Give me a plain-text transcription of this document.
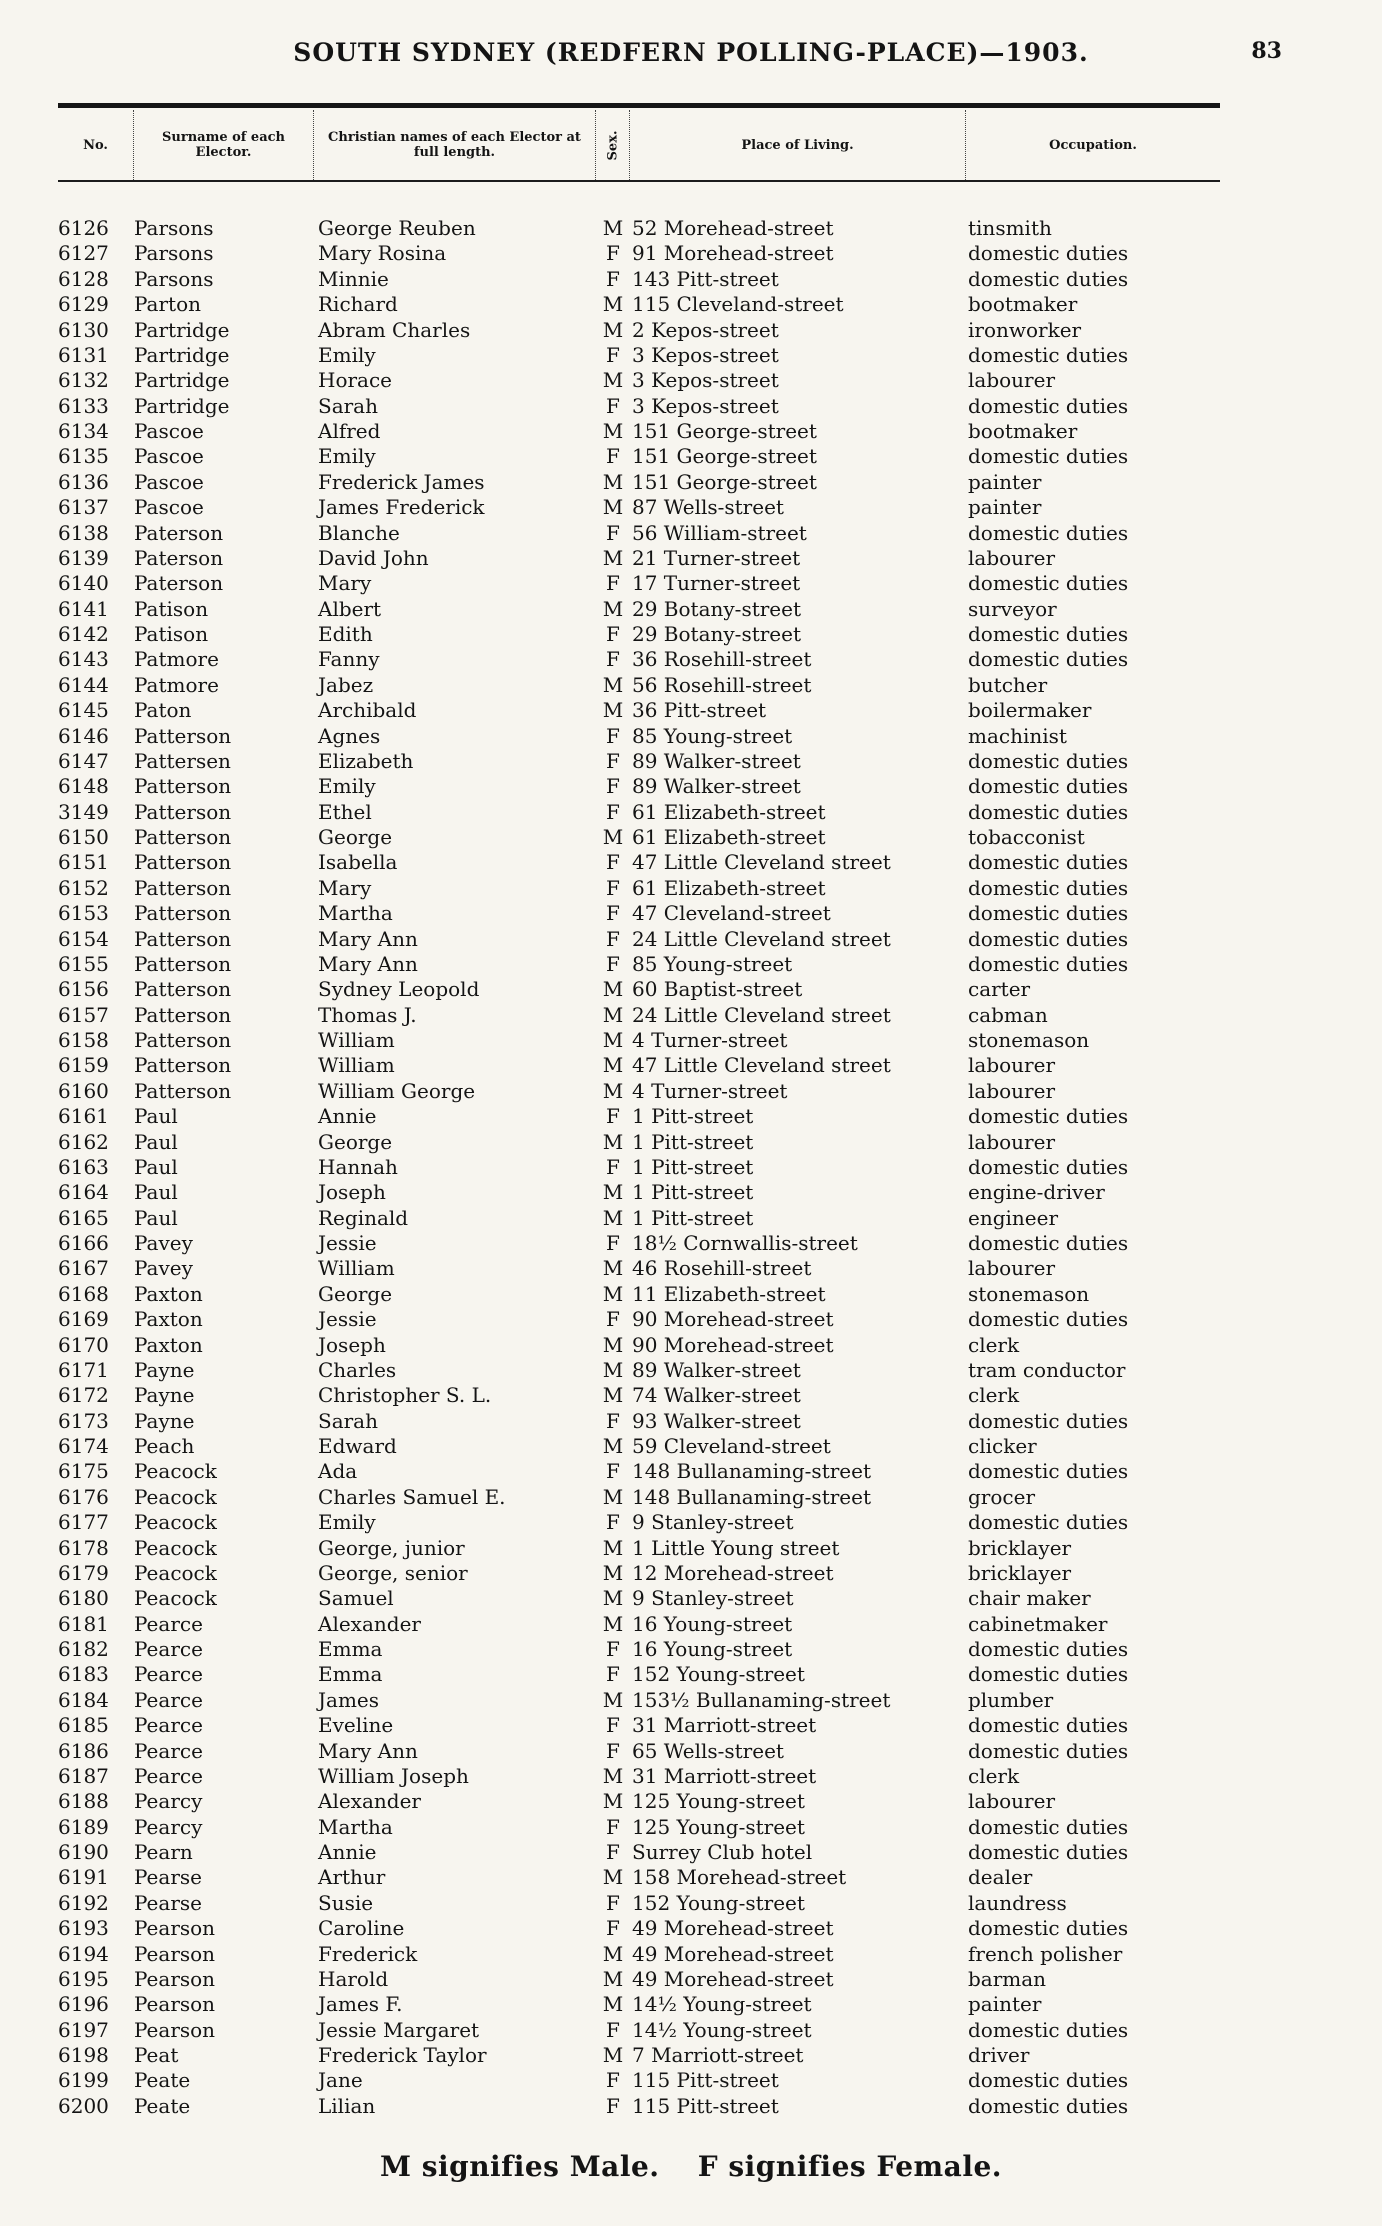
SOUTH SYDNEY (REDFERN POLLING-PLACE)—1903.	83
No.	Surname of each Elector.
Christian names of each Elector at full length.	Sex.	Place of Living.	Occupation.
6126	Parsons	George Reuben	M 52 Morehead-street	tinsmith
6127	Parsons	Mary Rosina	F 91 Morehead-street	domestic duties
6128	Parsons	Minnie	F 143 Pitt-street	domestic duties
6129	Parton	Richard	M 115 Cleveland-street	bootmaker
6130	Partridge	Abram Charles	M 2 Kepos-street	ironworker
6131	Partridge	Emily	F 3 Kepos-street	domestic duties
6132	Partridge	Horace	M 3 Kepos-street	labourer
6133	Partridge	Sarah	F 3 Kepos-street	domestic duties
6134	Pascoe	Alfred	M 151 George-street	bootmaker
6135	Pascoe	Emily	F 151 George-street	domestic duties
6136	Pascoe	Frederick James	M 151 George-street	painter
6137	Pascoe	James Frederick	M 87 Wells-street	painter
6138	Paterson	Blanche	F 56 William-street	domestic duties
6139	Paterson	David John	M 21 Turner-street	labourer
6140	Paterson	Mary	F 17 Turner-street	domestic duties
6141	Patison	Albert	M 29 Botany-street	surveyor
6142	Patison	Edith	F 29 Botany-street	domestic duties
6143	Patmore	Fanny	F 36 Rosehill-street	domestic duties
6144	Patmore	Jabez	M 56 Rosehill-street	butcher
6145	Paton	Archibald	M 36 Pitt-street	boilermaker
6146	Patterson	Agnes	F 85 Young-street	machinist
6147	Pattersen	Elizabeth	F 89 Walker-street	domestic duties
6148	Patterson	Emily	F 89 Walker-street	domestic duties
3149	Patterson	Ethel	F 61 Elizabeth-street	domestic duties
6150	Patterson	George	M 61 Elizabeth-street	tobacconist
6151	Patterson	Isabella	F 47 Little Cleveland street	domestic duties
6152	Patterson	Mary	F 61 Elizabeth-street	domestic duties
6153	Patterson	Martha	F 47 Cleveland-street	domestic duties
6154	Patterson	Mary Ann	F 24 Little Cleveland street	domestic duties
6155	Patterson	Mary Ann	F 85 Young-street	domestic duties
6156	Patterson	Sydney Leopold	M 60 Baptist-street	carter
6157	Patterson	Thomas J.	M 24 Little Cleveland street	cabman
6158	Patterson	William	M 4 Turner-street	stonemason
6159	Patterson	William	M 47 Little Cleveland street	labourer
6160	Patterson	William George	M 4 Turner-street	labourer
6161	Paul	Annie	F 1 Pitt-street	domestic duties
6162	Paul	George	M 1 Pitt-street	labourer
6163	Paul	Hannah	F 1 Pitt-street	domestic duties
6164	Paul	Joseph	M 1 Pitt-street	engine-driver
6165	Paul	Reginald	M 1 Pitt-street	engineer
6166	Pavey	Jessie	F 18½ Cornwallis-street	domestic duties
6167	Pavey	William	M 46 Rosehill-street	labourer
6168	Paxton	George	M 11 Elizabeth-street	stonemason
6169	Paxton	Jessie	F 90 Morehead-street	domestic duties
6170	Paxton	Joseph	M 90 Morehead-street	clerk
6171	Payne	Charles	M 89 Walker-street	tram conductor
6172	Payne	Christopher S. L.	M 74 Walker-street	clerk
6173	Payne	Sarah	F 93 Walker-street	domestic duties
6174	Peach	Edward	M 59 Cleveland-street	clicker
6175	Peacock	Ada	F 148 Bullanaming-street	domestic duties
6176	Peacock	Charles Samuel E.	M 148 Bullanaming-street	grocer
6177	Peacock	Emily	F 9 Stanley-street	domestic duties
6178	Peacock	George, junior	M 1 Little Young street	bricklayer
6179	Peacock	George, senior	M 12 Morehead-street	bricklayer
6180	Peacock	Samuel	M 9 Stanley-street	chair maker
6181	Pearce	Alexander	M 16 Young-street	cabinetmaker
6182	Pearce	Emma	F 16 Young-street	domestic duties
6183	Pearce	Emma	F 152 Young-street	domestic duties
6184	Pearce	James	M 153½ Bullanaming-street	plumber
6185	Pearce	Eveline	F 31 Marriott-street	domestic duties
6186	Pearce	Mary Ann	F 65 Wells-street	domestic duties
6187	Pearce	William Joseph	M 31 Marriott-street	clerk
6188	Pearcy	Alexander	M 125 Young-street	labourer
6189	Pearcy	Martha	F 125 Young-street	domestic duties
6190	Pearn	Annie	F Surrey Club hotel	domestic duties
6191	Pearse	Arthur	M 158 Morehead-street	dealer
6192	Pearse	Susie	F 152 Young-street	laundress
6193	Pearson	Caroline	F 49 Morehead-street	domestic duties
6194	Pearson	Frederick	M 49 Morehead-street	french polisher
6195	Pearson	Harold	M 49 Morehead-street	barman
6196	Pearson	James F.	M 14½ Young-street	painter
6197	Pearson	Jessie Margaret	F 14½ Young-street	domestic duties
6198	Peat	Frederick Taylor	M 7 Marriott-street	driver
6199	Peate	Jane	F 115 Pitt-street	domestic duties
6200	Peate	Lilian	F 115 Pitt-street	domestic duties
M signifies Male. F signifies Female.
